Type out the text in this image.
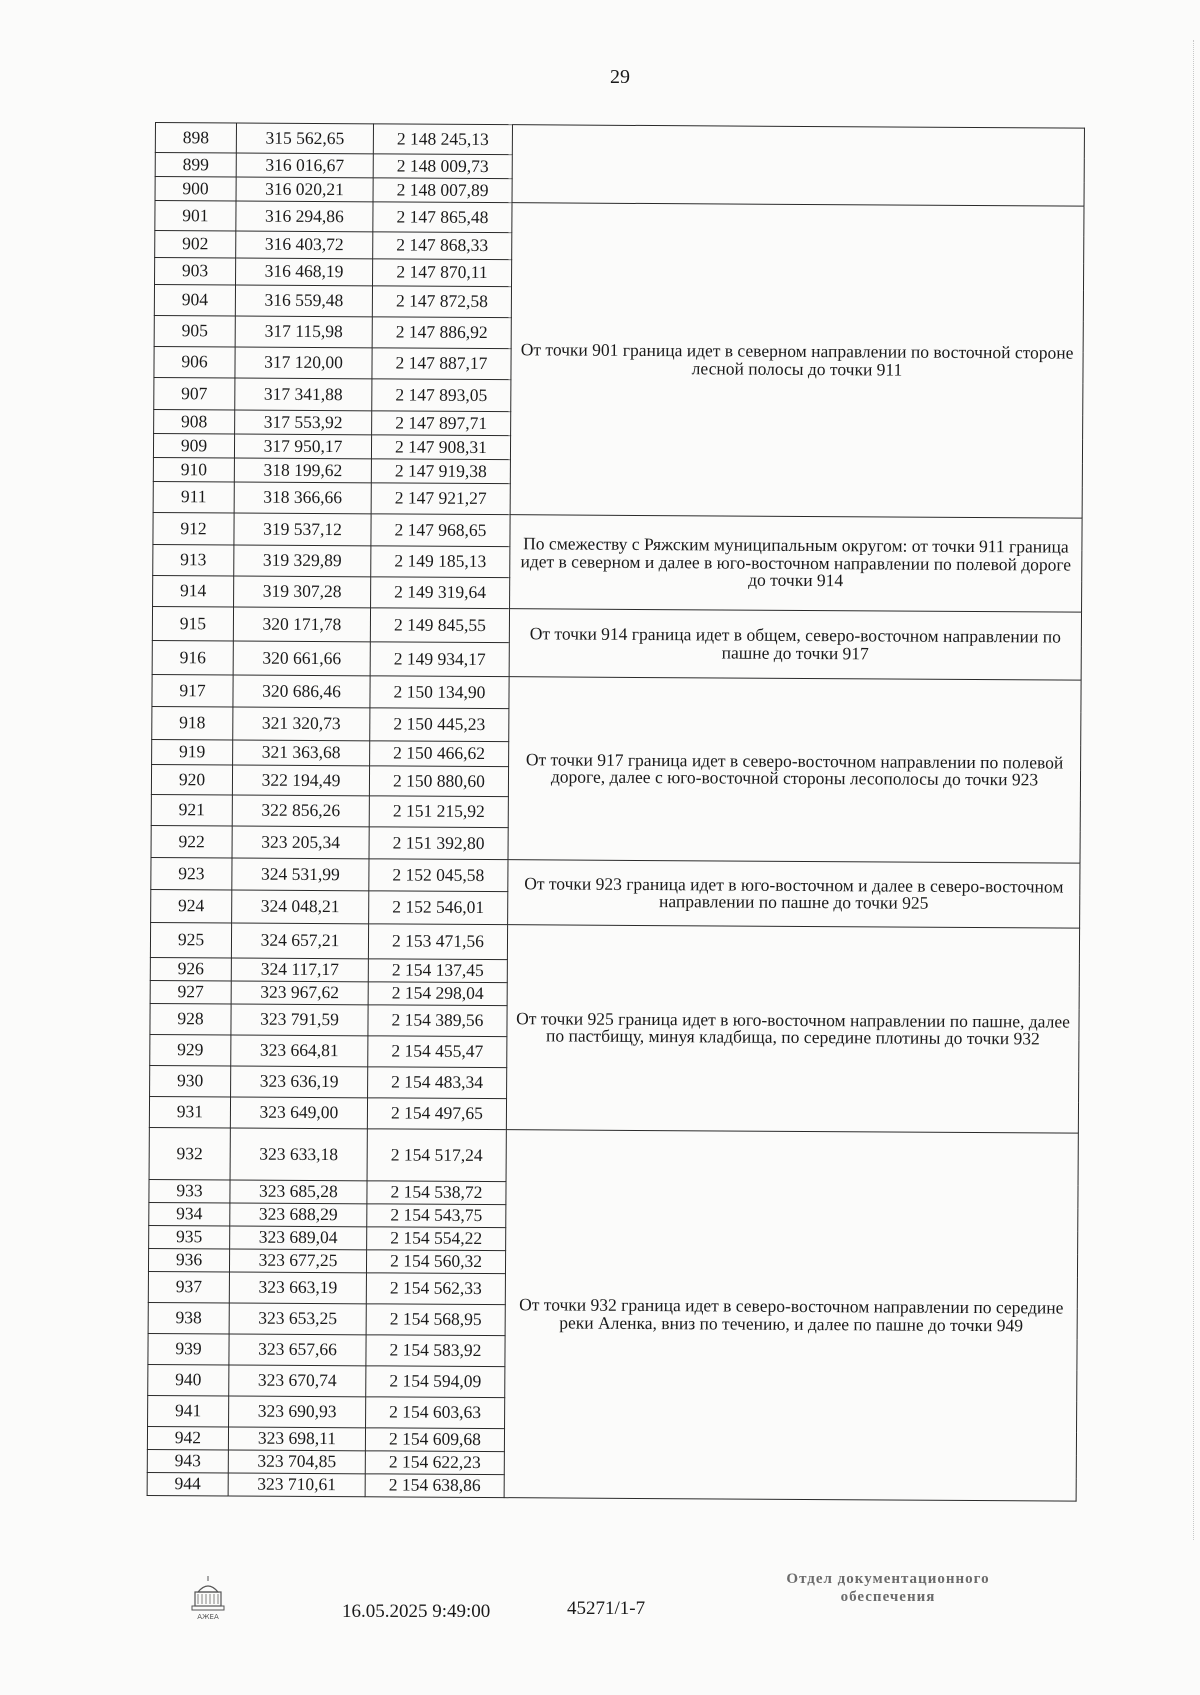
29
898	315 562,65	2 148 245,13	
899	316 016,67	2 148 009,73	
900	316 020,21	2 148 007,89	
901	316 294,86	2 147 865,48	От точки 901 граница идет в северном направлении по восточной стороне лесной полосы до точки 911
902	316 403,72	2 147 868,33	
903	316 468,19	2 147 870,11	
904	316 559,48	2 147 872,58	
905	317 115,98	2 147 886,92	
906	317 120,00	2 147 887,17	
907	317 341,88	2 147 893,05	
908	317 553,92	2 147 897,71	
909	317 950,17	2 147 908,31	
910	318 199,62	2 147 919,38	
911	318 366,66	2 147 921,27	
912	319 537,12	2 147 968,65	По смежеству с Ряжским муниципальным округом: от точки 911 граница идет в северном и далее в юго-восточном направлении по полевой дороге до точки 914
913	319 329,89	2 149 185,13	
914	319 307,28	2 149 319,64	
915	320 171,78	2 149 845,55	От точки 914 граница идет в общем, северо-восточном направлении по пашне до точки 917
916	320 661,66	2 149 934,17	
917	320 686,46	2 150 134,90	От точки 917 граница идет в северо-восточном направлении по полевой дороге, далее с юго-восточной стороны лесополосы до точки 923
918	321 320,73	2 150 445,23	
919	321 363,68	2 150 466,62	
920	322 194,49	2 150 880,60	
921	322 856,26	2 151 215,92	
922	323 205,34	2 151 392,80	
923	324 531,99	2 152 045,58	От точки 923 граница идет в юго-восточном и далее в северо-восточном направлении по пашне до точки 925
924	324 048,21	2 152 546,01	
925	324 657,21	2 153 471,56	От точки 925 граница идет в юго-восточном направлении по пашне, далее по пастбищу, минуя кладбища, по середине плотины до точки 932
926	324 117,17	2 154 137,45	
927	323 967,62	2 154 298,04	
928	323 791,59	2 154 389,56	
929	323 664,81	2 154 455,47	
930	323 636,19	2 154 483,34	
931	323 649,00	2 154 497,65	
932	323 633,18	2 154 517,24	От точки 932 граница идет в северо-восточном направлении по середине реки Аленка, вниз по течению, и далее по пашне до точки 949
933	323 685,28	2 154 538,72	
934	323 688,29	2 154 543,75	
935	323 689,04	2 154 554,22	
936	323 677,25	2 154 560,32	
937	323 663,19	2 154 562,33	
938	323 653,25	2 154 568,95	
939	323 657,66	2 154 583,92	
940	323 670,74	2 154 594,09	
941	323 690,93	2 154 603,63	
942	323 698,11	2 154 609,68	
943	323 704,85	2 154 622,23	
944	323 710,61	2 154 638,86	
АЖЕА	16.05.2025 9:49:00	45271/1-7
Отдел документационного
обеспечения
